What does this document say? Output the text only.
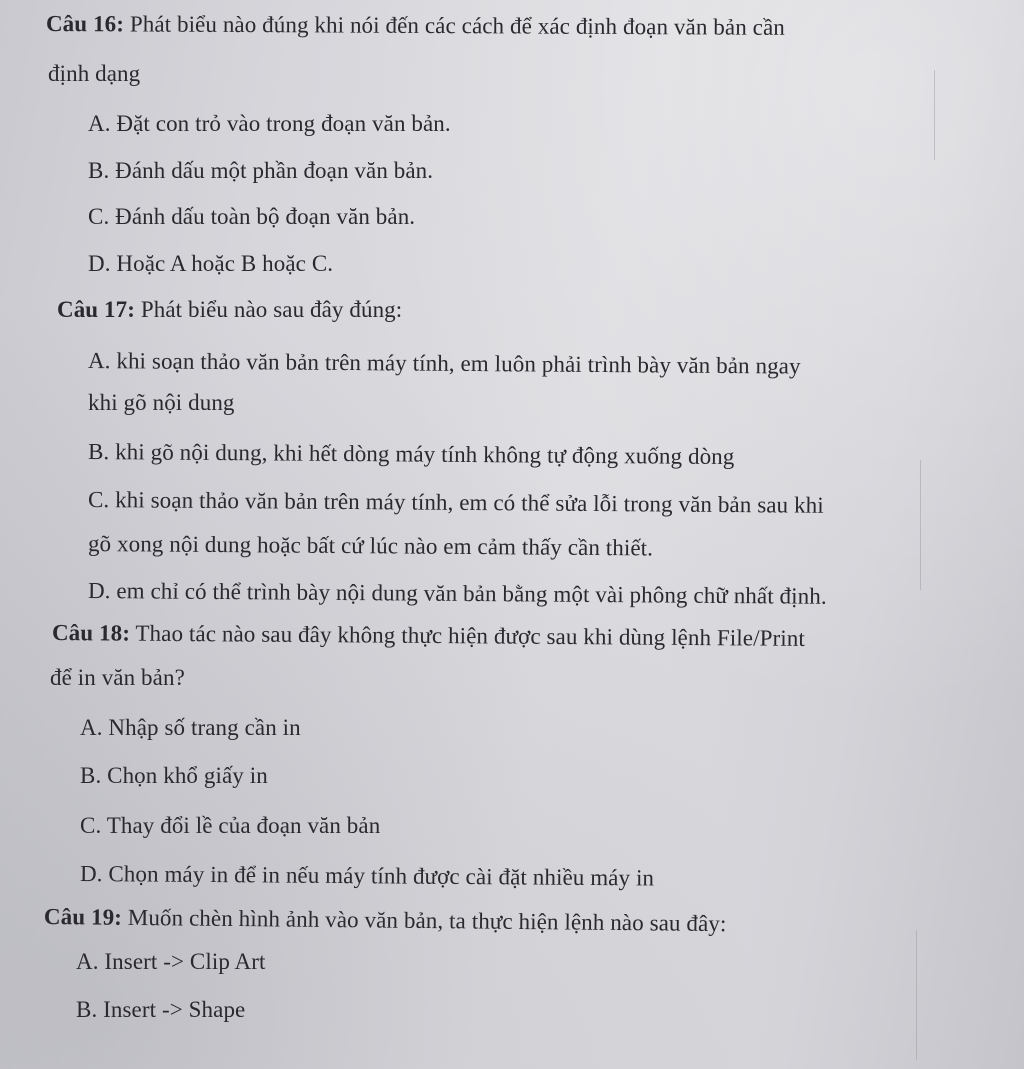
Câu 16: Phát biểu nào đúng khi nói đến các cách để xác định đoạn văn bản cần
định dạng
A. Đặt con trỏ vào trong đoạn văn bản.
B. Đánh dấu một phần đoạn văn bản.
C. Đánh dấu toàn bộ đoạn văn bản.
D. Hoặc A hoặc B hoặc C.
Câu 17: Phát biểu nào sau đây đúng:
A. khi soạn thảo văn bản trên máy tính, em luôn phải trình bày văn bản ngay
khi gõ nội dung
B. khi gõ nội dung, khi hết dòng máy tính không tự động xuống dòng
C. khi soạn thảo văn bản trên máy tính, em có thể sửa lỗi trong văn bản sau khi
gõ xong nội dung hoặc bất cứ lúc nào em cảm thấy cần thiết.
D. em chỉ có thể trình bày nội dung văn bản bằng một vài phông chữ nhất định.
Câu 18: Thao tác nào sau đây không thực hiện được sau khi dùng lệnh File/Print
để in văn bản?
A. Nhập số trang cần in
B. Chọn khổ giấy in
C. Thay đổi lề của đoạn văn bản
D. Chọn máy in để in nếu máy tính được cài đặt nhiều máy in
Câu 19: Muốn chèn hình ảnh vào văn bản, ta thực hiện lệnh nào sau đây:
A. Insert -> Clip Art
B. Insert -> Shape
